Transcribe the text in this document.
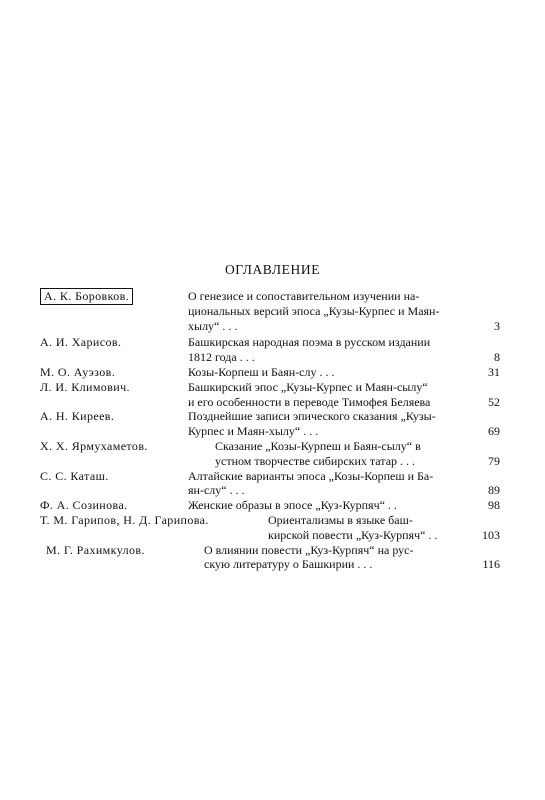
ОГЛАВЛЕНИЕ
А. К. Боровков.	О генезисе и сопоставительном изучении на-
циональных версий эпоса „Кузы-Курпес и Маян-
хылу“ . . .	3
А. И. Харисов.	Башкирская народная поэма в русском издании
1812 года . . .	8
М. О. Ауэзов.	Козы-Корпеш и Баян-слу . . .	31
Л. И. Климович.	Башкирский эпос „Кузы-Курпес и Маян-сылу“
и его особенности в переводе Тимофея Беляева	52
А. Н. Киреев.	Позднейшие записи эпического сказания „Кузы-
Курпес и Маян-хылу“ . . .	69
Х. Х. Ярмухаметов.	Сказание „Козы-Курпеш и Баян-сылу“ в
устном творчестве сибирских татар . . .	79
С. С. Каташ.	Алтайские варианты эпоса „Козы-Корпеш и Ба-
ян-слу“ . . .	89
Ф. А. Созинова.	Женские образы в эпосе „Куз-Курпяч“ . .	98
Т. М. Гарипов, Н. Д. Гарипова.	Ориентализмы в языке баш-
кирской повести „Куз-Курпяч“ . .	103
М. Г. Рахимкулов.	О влиянии повести „Куз-Курпяч“ на рус-
скую литературу о Башкирии . . .	116
